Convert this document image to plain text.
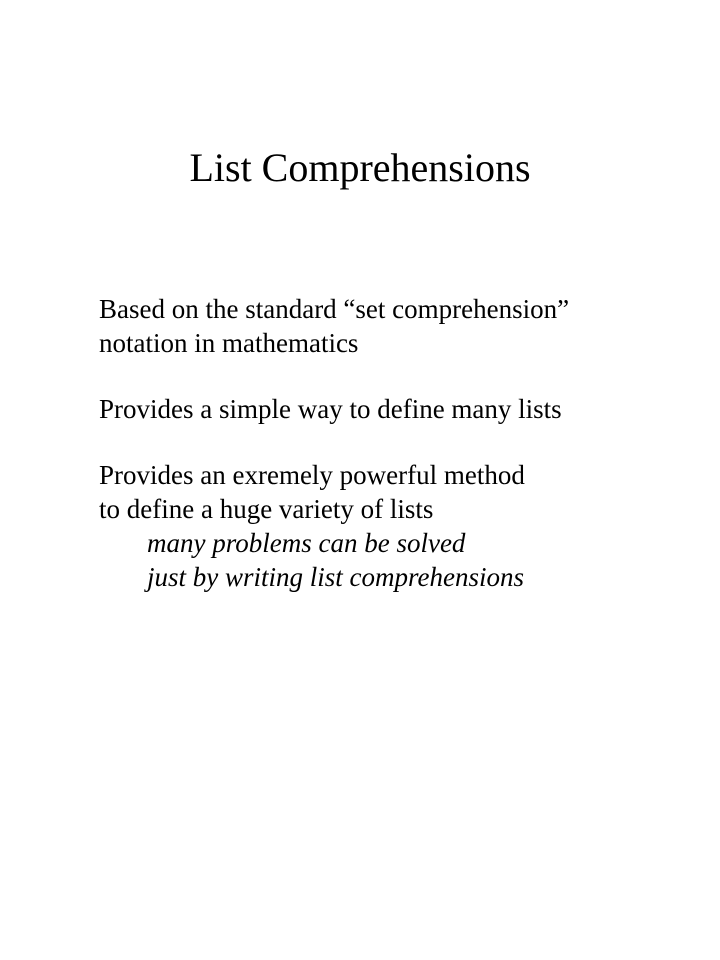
List Comprehensions
Based on the standard “set comprehension”
notation in mathematics
Provides a simple way to define many lists
Provides an exremely powerful method
to define a huge variety of lists
many problems can be solved
just by writing list comprehensions
